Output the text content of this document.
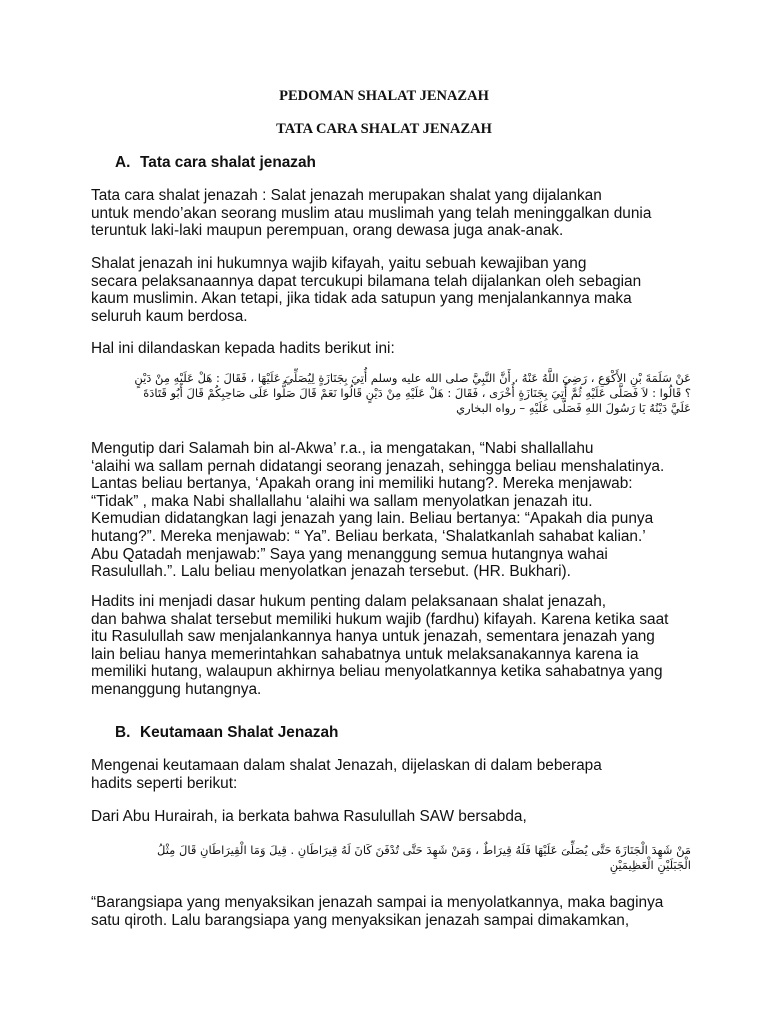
PEDOMAN SHALAT JENAZAH
TATA CARA SHALAT JENAZAH
A. Tata cara shalat jenazah

Tata cara shalat jenazah : Salat jenazah merupakan shalat yang dijalankan
untuk mendo’akan seorang muslim atau muslimah yang telah meninggalkan dunia
teruntuk laki-laki maupun perempuan, orang dewasa juga anak-anak.

Shalat jenazah ini hukumnya wajib kifayah, yaitu sebuah kewajiban yang
secara pelaksanaannya dapat tercukupi bilamana telah dijalankan oleh sebagian
kaum muslimin. Akan tetapi, jika tidak ada satupun yang menjalankannya maka
seluruh kaum berdosa.

Hal ini dilandaskan kepada hadits berikut ini:

عَنْ سَلَمَةَ بْنِ الأَكْوَعِ ، رَضِيَ اللَّهُ عَنْهُ ، أَنَّ النَّبِيَّ صلى الله عليه وسلم أُتِيَ بِجَنَازَةٍ لِيُصَلِّيَ عَلَيْهَا ، فَقَالَ : هَلْ عَلَيْهِ مِنْ دَيْنٍ
؟ قَالُوا : لاَ فَصَلَّى عَلَيْهِ ثُمَّ أُتِيَ بِجَنَازَةٍ أُخْرَى ، فَقَالَ : هَلْ عَلَيْهِ مِنْ دَيْنٍ قَالُوا نَعَمْ قَالَ صَلُّوا عَلَى صَاحِبِكُمْ قَالَ أَبُو قَتَادَةَ
عَلَيَّ دَيْنُهُ يَا رَسُولَ اللهِ فَصَلَّى عَلَيْهِ – رواه البخاري

Mengutip dari Salamah bin al-Akwa’ r.a., ia mengatakan, “Nabi shallallahu
‘alaihi wa sallam pernah didatangi seorang jenazah, sehingga beliau menshalatinya.
Lantas beliau bertanya, ‘Apakah orang ini memiliki hutang?. Mereka menjawab:
“Tidak” , maka Nabi shallallahu ‘alaihi wa sallam menyolatkan jenazah itu.
Kemudian didatangkan lagi jenazah yang lain. Beliau bertanya: “Apakah dia punya
hutang?”. Mereka menjawab: “ Ya”. Beliau berkata, ‘Shalatkanlah sahabat kalian.’
Abu Qatadah menjawab:” Saya yang menanggung semua hutangnya wahai
Rasulullah.”. Lalu beliau menyolatkan jenazah tersebut. (HR. Bukhari).

Hadits ini menjadi dasar hukum penting dalam pelaksanaan shalat jenazah,
dan bahwa shalat tersebut memiliki hukum wajib (fardhu) kifayah. Karena ketika saat
itu Rasulullah saw menjalankannya hanya untuk jenazah, sementara jenazah yang
lain beliau hanya memerintahkan sahabatnya untuk melaksanakannya karena ia
memiliki hutang, walaupun akhirnya beliau menyolatkannya ketika sahabatnya yang
menanggung hutangnya.

B. Keutamaan Shalat Jenazah

Mengenai keutamaan dalam shalat Jenazah, dijelaskan di dalam beberapa
hadits seperti berikut:

Dari Abu Hurairah, ia berkata bahwa Rasulullah SAW bersabda,

مَنْ شَهِدَ الْجَنَازَةَ حَتَّى يُصَلِّىَ عَلَيْهَا فَلَهُ قِيرَاطٌ ، وَمَنْ شَهِدَ حَتَّى تُدْفَنَ كَانَ لَهُ قِيرَاطَانِ . قِيلَ وَمَا الْقِيرَاطَانِ قَالَ مِثْلُ
الْجَبَلَيْنِ الْعَظِيمَيْنِ

“Barangsiapa yang menyaksikan jenazah sampai ia menyolatkannya, maka baginya
satu qiroth. Lalu barangsiapa yang menyaksikan jenazah sampai dimakamkan,
